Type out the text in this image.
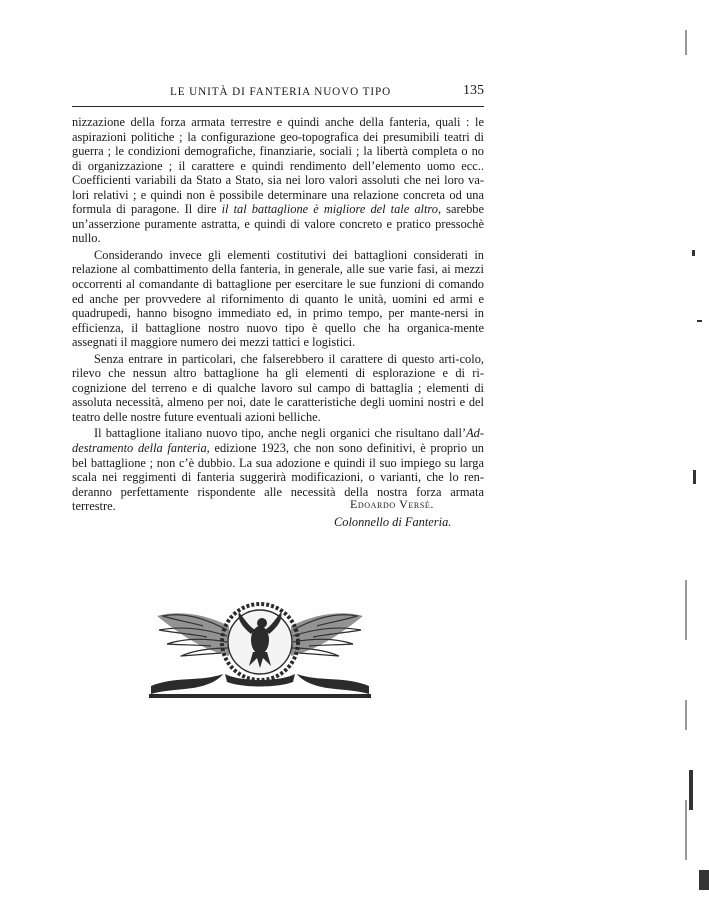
LE UNITÀ DI FANTERIA NUOVO TIPO	135

nizzazione della forza armata terrestre e quindi anche della fanteria, quali : le aspirazioni politiche ; la configurazione geo-topografica dei presumibili teatri di guerra ; le condizioni demografiche, finanziarie, sociali ; la libertà completa o no di organizzazione ; il carattere e quindi rendimento dell’elemento uomo ecc.. Coefficienti variabili da Stato a Stato, sia nei loro valori assoluti che nei loro va-lori relativi ; e quindi non è possibile determinare una relazione concreta od una formula di paragone. Il dire il tal battaglione è migliore del tale altro, sarebbe un’asserzione puramente astratta, e quindi di valore concreto e pratico pressochè nullo.

Considerando invece gli elementi costitutivi dei battaglioni considerati in relazione al combattimento della fanteria, in generale, alle sue varie fasi, ai mezzi occorrenti al comandante di battaglione per esercitare le sue funzioni di comando ed anche per provvedere al rifornimento di quanto le unità, uomini ed armi e quadrupedi, hanno bisogno immediato ed, in primo tempo, per mante-nersi in efficienza, il battaglione nostro nuovo tipo è quello che ha organica-mente assegnati il maggiore numero dei mezzi tattici e logistici.

Senza entrare in particolari, che falserebbero il carattere di questo arti-colo, rilevo che nessun altro battaglione ha gli elementi di esplorazione e di ri-cognizione del terreno e di qualche lavoro sul campo di battaglia ; elementi di assoluta necessità, almeno per noi, date le caratteristiche degli uomini nostri e del teatro delle nostre future eventuali azioni belliche.

Il battaglione italiano nuovo tipo, anche negli organici che risultano dall’Ad-destramento della fanteria, edizione 1923, che non sono definitivi, è proprio un bel battaglione ; non c’è dubbio. La sua adozione e quindi il suo impiego su larga scala nei reggimenti di fanteria suggerirà modificazioni, o varianti, che lo ren-deranno perfettamente rispondente alle necessità della nostra forza armata terrestre.	Edoardo Versè.
Colonnello di Fanteria.
